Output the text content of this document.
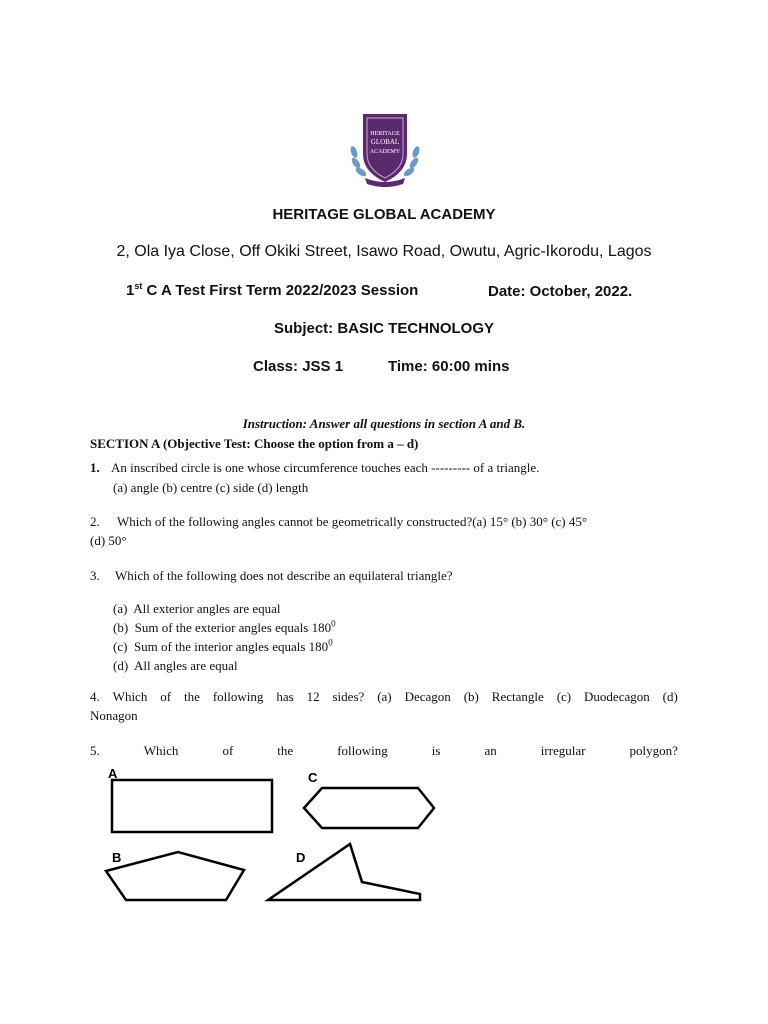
HERITAGE
GLOBAL
ACADEMY
HERITAGE GLOBAL ACADEMY
2, Ola Iya Close, Off Okiki Street, Isawo Road, Owutu, Agric-Ikorodu, Lagos
1st C A Test First Term 2022/2023 Session	Date: October, 2022.
Subject: BASIC TECHNOLOGY
Class: JSS 1	Time: 60:00 mins
Instruction: Answer all questions in section A and B.
SECTION A (Objective Test: Choose the option from a – d)
1. An inscribed circle is one whose circumference touches each --------- of a triangle.
(a) angle (b) centre (c) side (d) length
2. Which of the following angles cannot be geometrically constructed?(a) 15° (b) 30° (c) 45°
(d) 50°
3. Which of the following does not describe an equilateral triangle?
(a) All exterior angles are equal
(b) Sum of the exterior angles equals $180^0$
(c) Sum of the interior angles equals $180^0$
(d) All angles are equal
4. Which of the following has 12 sides? (a) Decagon (b) Rectangle (c) Duodecagon (d)
Nonagon
5.	Which	of	the	following	is	an	irregular	polygon?
A	C
B	D
